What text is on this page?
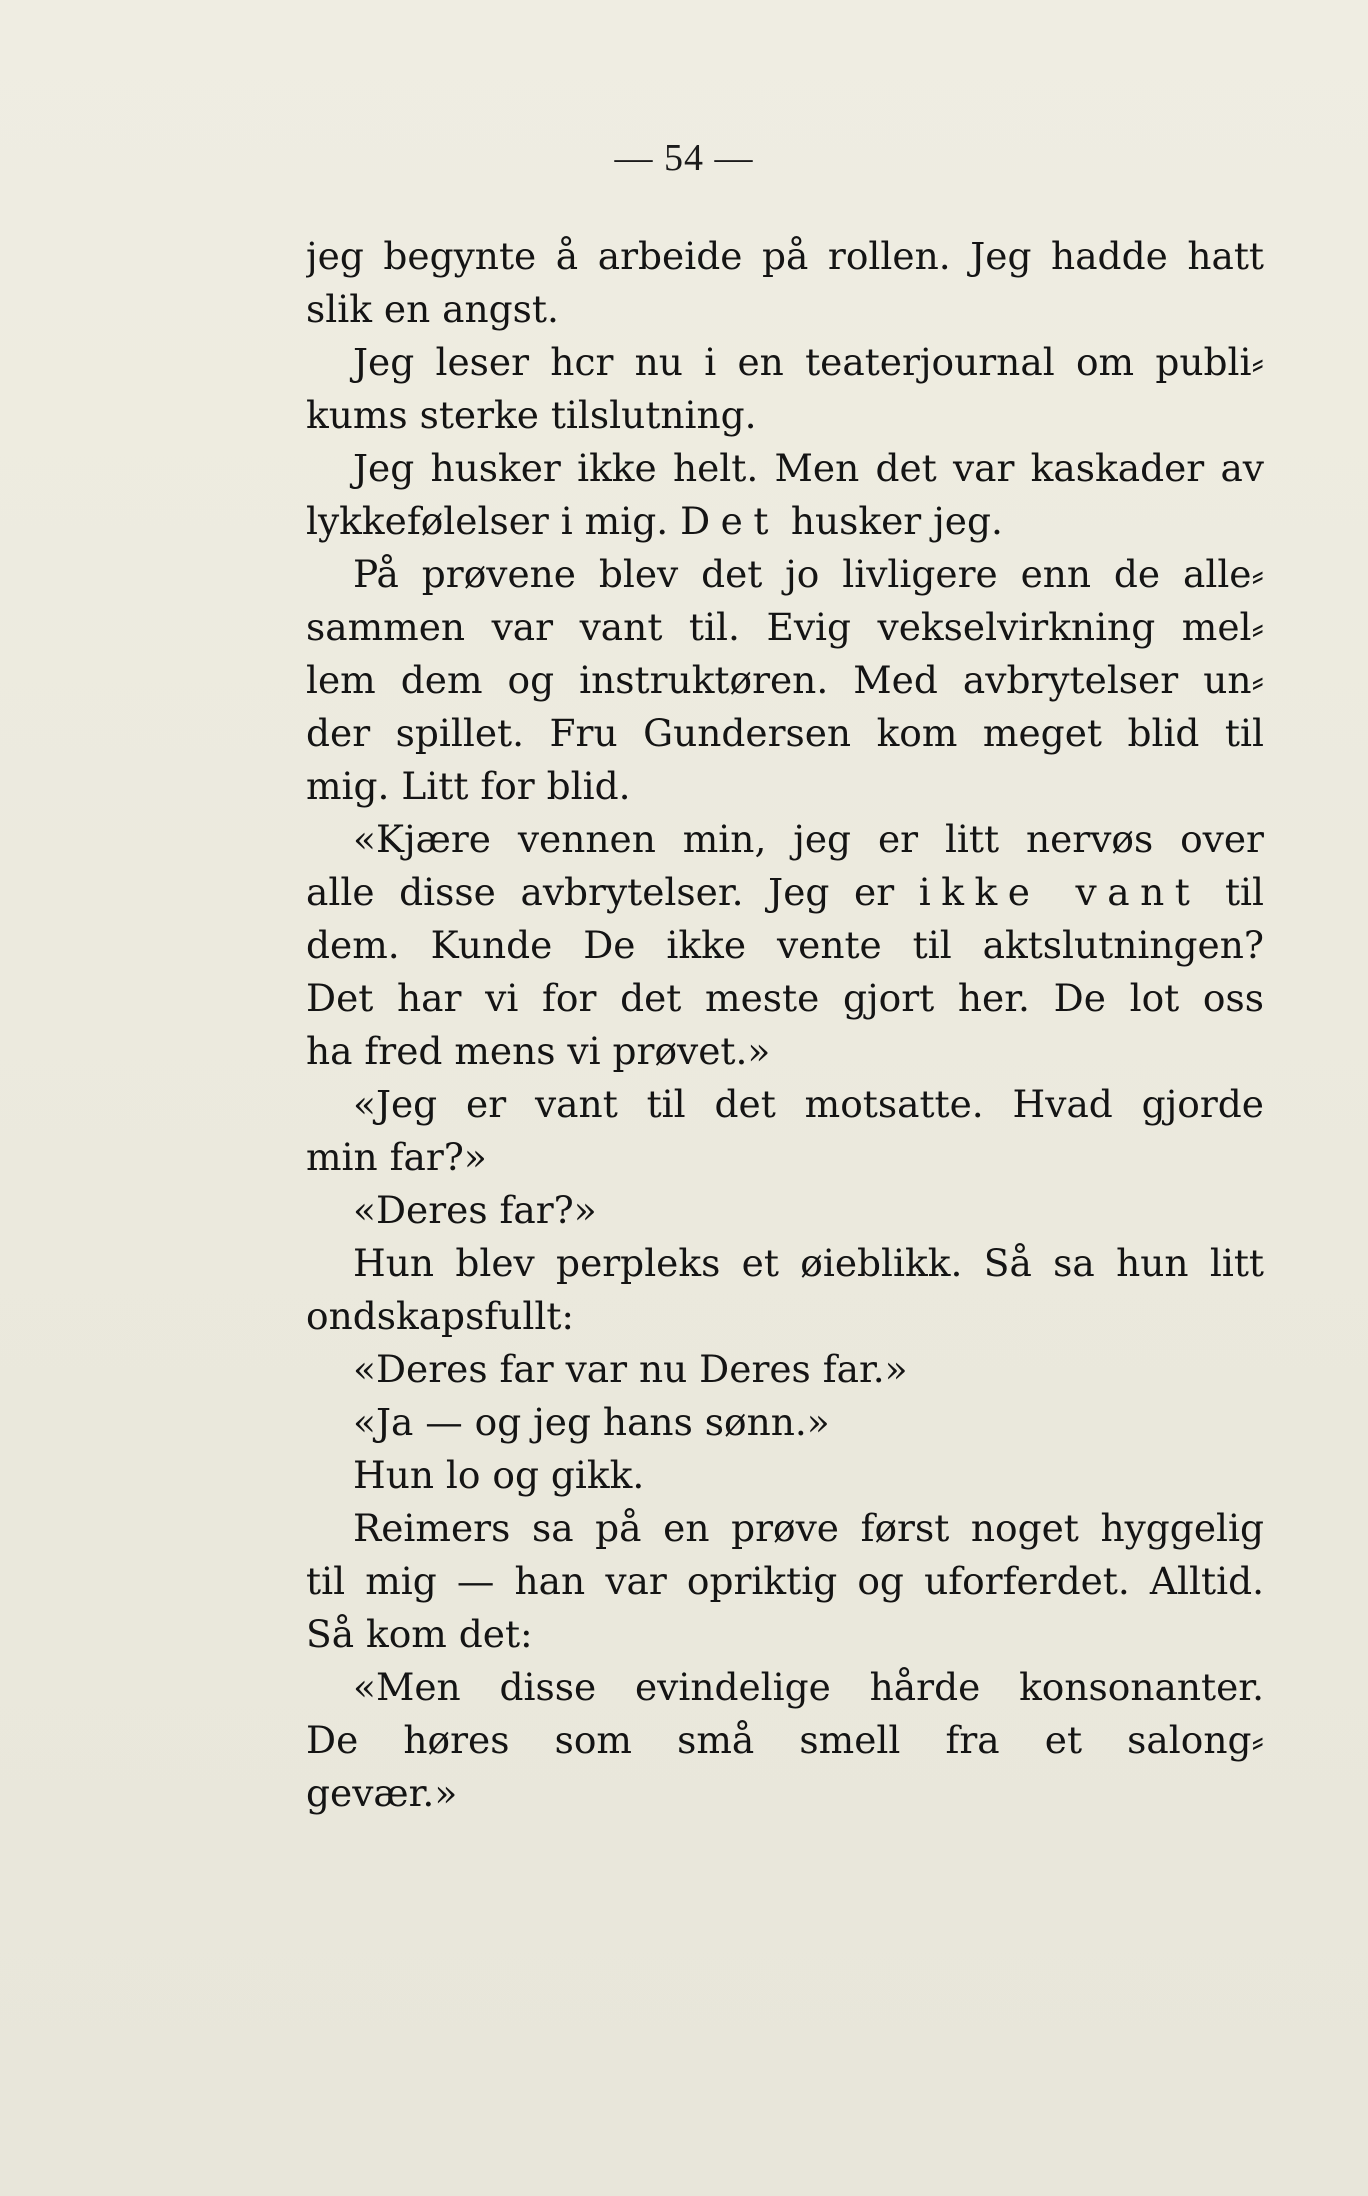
— 54 —
jeg begynte å arbeide på rollen. Jeg hadde hatt
slik en angst.
Jeg leser hcr nu i en teaterjournal om publi⸗
kums sterke tilslutning.
Jeg husker ikke helt. Men det var kaskader av
lykkefølelser i mig. Det husker jeg.
På prøvene blev det jo livligere enn de alle⸗
sammen var vant til. Evig vekselvirkning mel⸗
lem dem og instruktøren. Med avbrytelser un⸗
der spillet. Fru Gundersen kom meget blid til
mig. Litt for blid.
«Kjære vennen min, jeg er litt nervøs over
alle disse avbrytelser. Jeg er ikke vant til
dem. Kunde De ikke vente til aktslutningen?
Det har vi for det meste gjort her. De lot oss
ha fred mens vi prøvet.»
«Jeg er vant til det motsatte. Hvad gjorde
min far?»
«Deres far?»
Hun blev perpleks et øieblikk. Så sa hun litt
ondskapsfullt:
«Deres far var nu Deres far.»
«Ja — og jeg hans sønn.»
Hun lo og gikk.
Reimers sa på en prøve først noget hyggelig
til mig — han var opriktig og uforferdet. Alltid.
Så kom det:
«Men disse evindelige hårde konsonanter.
De høres som små smell fra et salong⸗
gevær.»
